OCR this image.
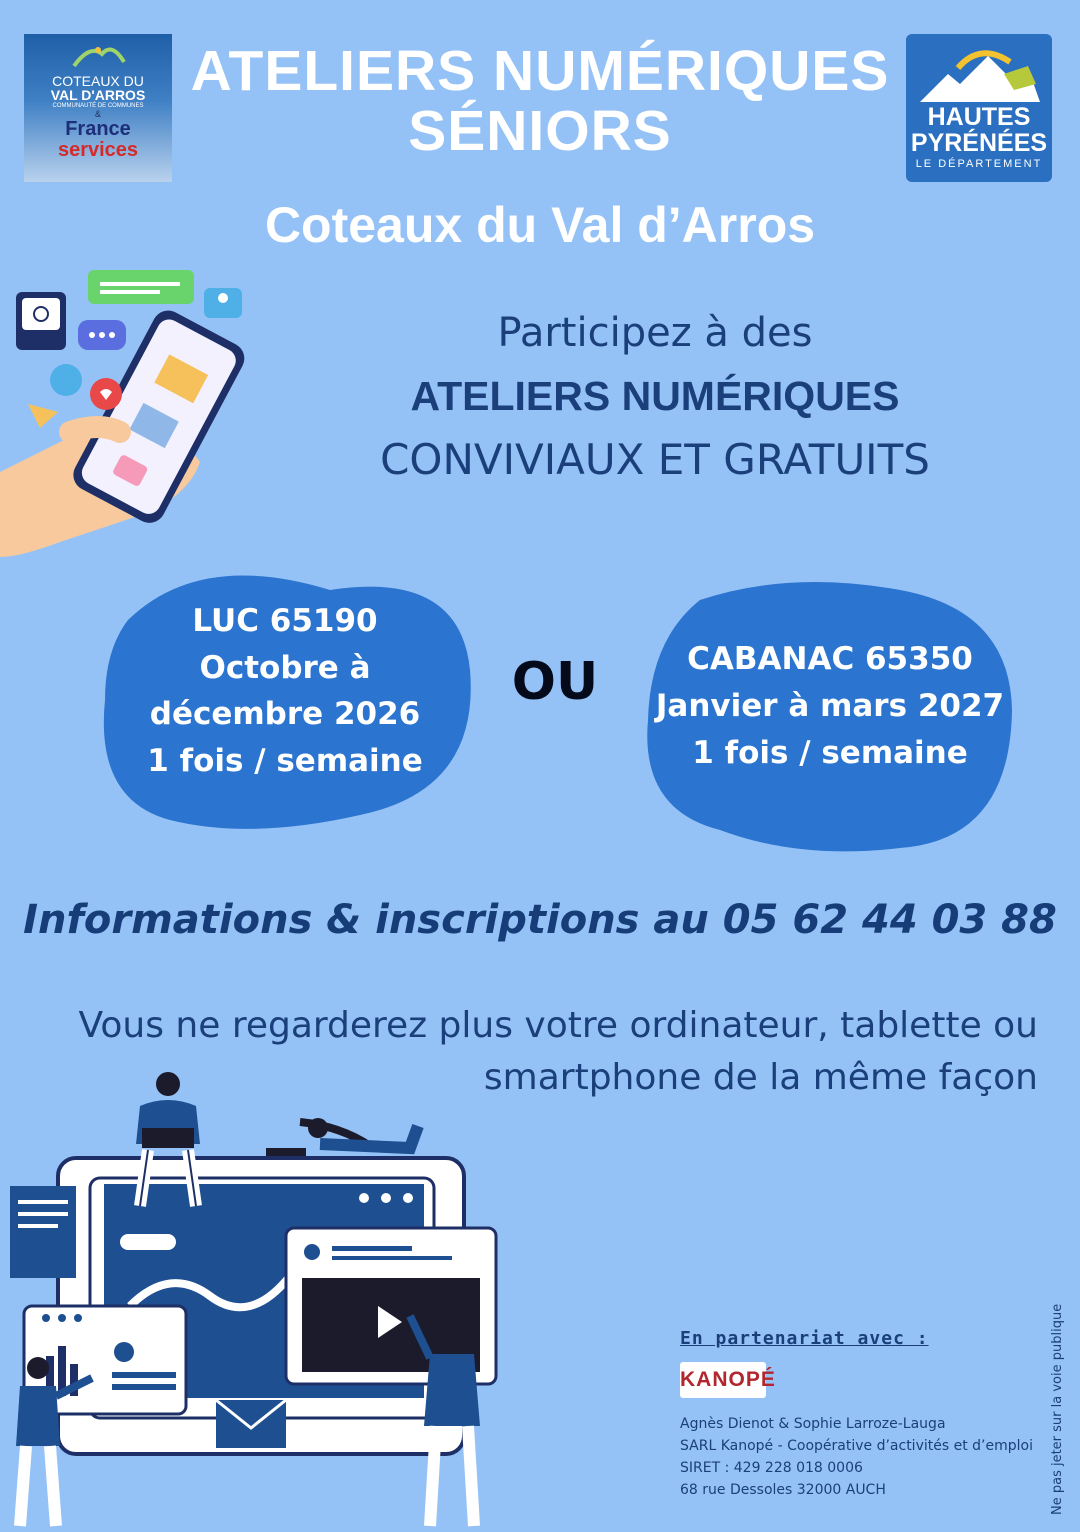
COTEAUX DU
VAL D'ARROS
COMMUNAUTÉ DE COMMUNES
&
France
services
ATELIERS NUMÉRIQUES
SÉNIORS	HAUTES
PYRÉNÉES
LE DÉPARTEMENT
Coteaux du Val d’Arros
Participez à des
ATELIERS NUMÉRIQUES
CONVIVIAUX ET GRATUITS
LUC 65190
Octobre à
décembre 2026
1 fois / semaine
OU	CABANAC 65350
Janvier à mars 2027
1 fois / semaine
Informations & inscriptions au 05 62 44 03 88
Vous ne regarderez plus votre ordinateur, tablette ou
smartphone de la même façon
En partenariat avec :
KANOPÉ
Agnès Dienot & Sophie Larroze-Lauga
SARL Kanopé - Coopérative d’activités et d’emploi
SIRET : 429 228 018 0006
68 rue Dessoles 32000 AUCH	Ne pas jeter sur la voie publique
